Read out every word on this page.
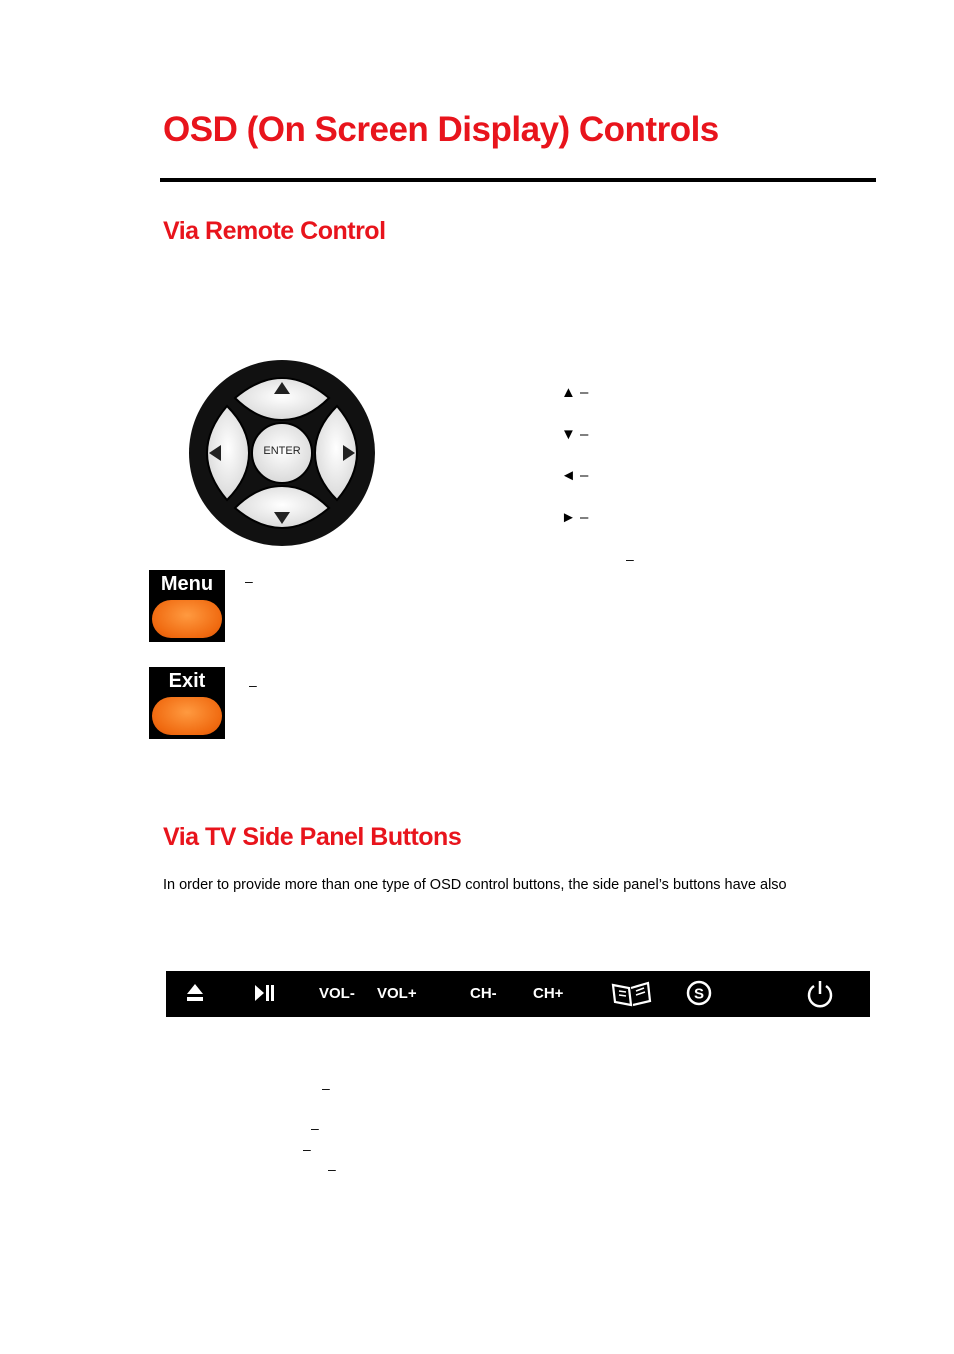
OSD (On Screen Display) Controls
Via Remote Control
ENTER
▲ –
▼ –
◄ –
► –
–
Menu	–
Exit	–
Via TV Side Panel Buttons
In order to provide more than one type of OSD control buttons, the side panel’s buttons have also
VOL- VOL+	CH- CH+	S
–
–
–
–
